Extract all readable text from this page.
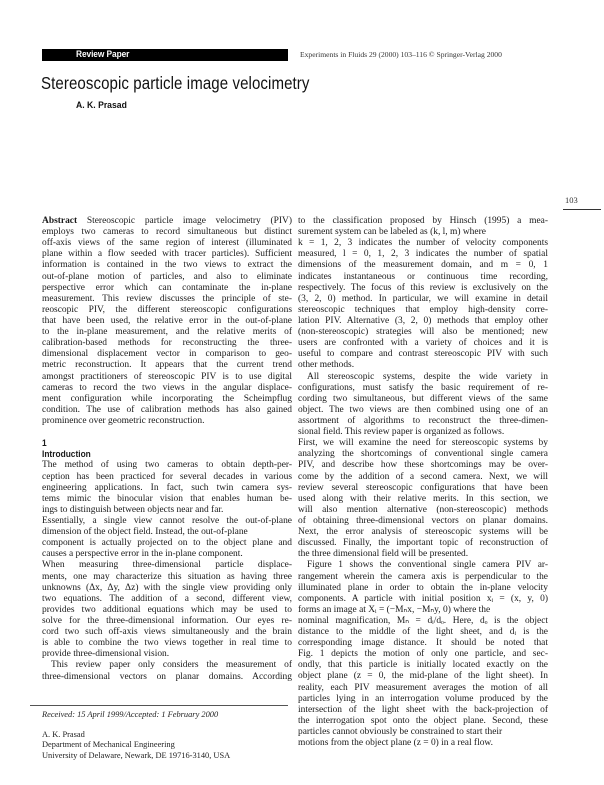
Review Paper	Experiments in Fluids 29 (2000) 103–116 © Springer-Verlag 2000
Stereoscopic particle image velocimetry
A. K. Prasad
103
Abstract Stereoscopic particle image velocimetry (PIV)
employs two cameras to record simultaneous but distinct
off-axis views of the same region of interest (illuminated
plane within a flow seeded with tracer particles). Sufficient
information is contained in the two views to extract the
out-of-plane motion of particles, and also to eliminate
perspective error which can contaminate the in-plane
measurement. This review discusses the principle of ste-
reoscopic PIV, the different stereoscopic configurations
that have been used, the relative error in the out-of-plane
to the in-plane measurement, and the relative merits of
calibration-based methods for reconstructing the three-
dimensional displacement vector in comparison to geo-
metric reconstruction. It appears that the current trend
amongst practitioners of stereoscopic PIV is to use digital
cameras to record the two views in the angular displace-
ment configuration while incorporating the Scheimpflug
condition. The use of calibration methods has also gained
prominence over geometric reconstruction.
1
Introduction
The method of using two cameras to obtain depth-per-
ception has been practiced for several decades in various
engineering applications. In fact, such twin camera sys-
tems mimic the binocular vision that enables human be-
ings to distinguish between objects near and far.
Essentially, a single view cannot resolve the out-of-plane
dimension of the object field. Instead, the out-of-plane
component is actually projected on to the object plane and
causes a perspective error in the in-plane component.
When measuring three-dimensional particle displace-
ments, one may characterize this situation as having three
unknowns (Δx, Δy, Δz) with the single view providing only
two equations. The addition of a second, different view,
provides two additional equations which may be used to
solve for the three-dimensional information. Our eyes re-
cord two such off-axis views simultaneously and the brain
is able to combine the two views together in real time to
provide three-dimensional vision.
This review paper only considers the measurement of
three-dimensional vectors on planar domains. According
to the classification proposed by Hinsch (1995) a mea-
surement system can be labeled as (k, l, m) where
k = 1, 2, 3 indicates the number of velocity components
measured, l = 0, 1, 2, 3 indicates the number of spatial
dimensions of the measurement domain, and m = 0, 1
indicates instantaneous or continuous time recording,
respectively. The focus of this review is exclusively on the
(3, 2, 0) method. In particular, we will examine in detail
stereoscopic techniques that employ high-density corre-
lation PIV. Alternative (3, 2, 0) methods that employ other
(non-stereoscopic) strategies will also be mentioned; new
users are confronted with a variety of choices and it is
useful to compare and contrast stereoscopic PIV with such
other methods.
All stereoscopic systems, despite the wide variety in
configurations, must satisfy the basic requirement of re-
cording two simultaneous, but different views of the same
object. The two views are then combined using one of an
assortment of algorithms to reconstruct the three-dimen-
sional field. This review paper is organized as follows.
First, we will examine the need for stereoscopic systems by
analyzing the shortcomings of conventional single camera
PIV, and describe how these shortcomings may be over-
come by the addition of a second camera. Next, we will
review several stereoscopic configurations that have been
used along with their relative merits. In this section, we
will also mention alternative (non-stereoscopic) methods
of obtaining three-dimensional vectors on planar domains.
Next, the error analysis of stereoscopic systems will be
discussed. Finally, the important topic of reconstruction of
the three dimensional field will be presented.
Figure 1 shows the conventional single camera PIV ar-
rangement wherein the camera axis is perpendicular to the
illuminated plane in order to obtain the in-plane velocity
components. A particle with initial position xᵢ = (x, y, 0)
forms an image at Xᵢ = (−Mₙx, −Mₙy, 0) where the
nominal magnification, Mₙ = dᵢ/dₒ. Here, dₒ is the object
distance to the middle of the light sheet, and dᵢ is the
corresponding image distance. It should be noted that
Fig. 1 depicts the motion of only one particle, and sec-
ondly, that this particle is initially located exactly on the
object plane (z = 0, the mid-plane of the light sheet). In
reality, each PIV measurement averages the motion of all
particles lying in an interrogation volume produced by the
intersection of the light sheet with the back-projection of
the interrogation spot onto the object plane. Second, these
particles cannot obviously be constrained to start their
motions from the object plane (z = 0) in a real flow.
Received: 15 April 1999/Accepted: 1 February 2000
A. K. Prasad
Department of Mechanical Engineering
University of Delaware, Newark, DE 19716-3140, USA
